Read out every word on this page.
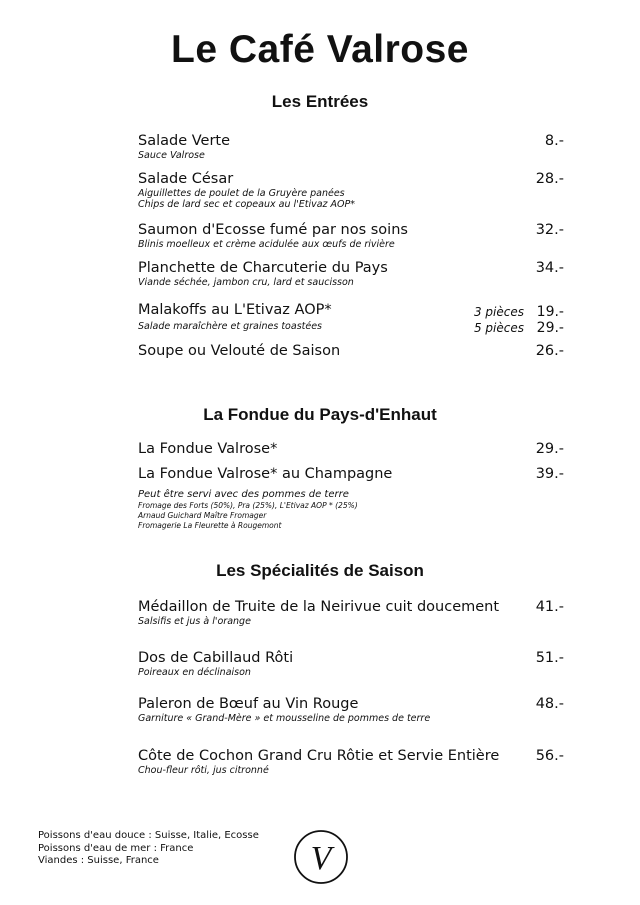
Le Café Valrose
Les Entrées
Salade Verte
Sauce Valrose
8.-
Salade César
Aiguillettes de poulet de la Gruyère panées
Chips de lard sec et copeaux au l'Etivaz AOP*
28.-
Saumon d'Ecosse fumé par nos soins
Blinis moelleux et crème acidulée aux œufs de rivière
32.-
Planchette de Charcuterie du Pays
Viande séchée, jambon cru, lard et saucisson
34.-
Malakoffs au L'Etivaz AOP*
Salade maraîchère et graines toastées
3 pièces 19.-
5 pièces 29.-
Soupe ou Velouté de Saison	26.-
La Fondue du Pays-d'Enhaut
La Fondue Valrose*	29.-
La Fondue Valrose* au Champagne	39.-
Peut être servi avec des pommes de terre
Fromage des Forts (50%), Pra (25%), L'Etivaz AOP * (25%)
Arnaud Guichard Maître Fromager
Fromagerie La Fleurette à Rougemont
Les Spécialités de Saison
Médaillon de Truite de la Neirivue cuit doucement
Salsifis et jus à l'orange
41.-
Dos de Cabillaud Rôti
Poireaux en déclinaison
51.-
Paleron de Bœuf au Vin Rouge
Garniture « Grand-Mère » et mousseline de pommes de terre
48.-
Côte de Cochon Grand Cru Rôtie et Servie Entière
Chou-fleur rôti, jus citronné
56.-
Poissons d'eau douce : Suisse, Italie, Ecosse
Poissons d'eau de mer : France
Viandes : Suisse, France	V
